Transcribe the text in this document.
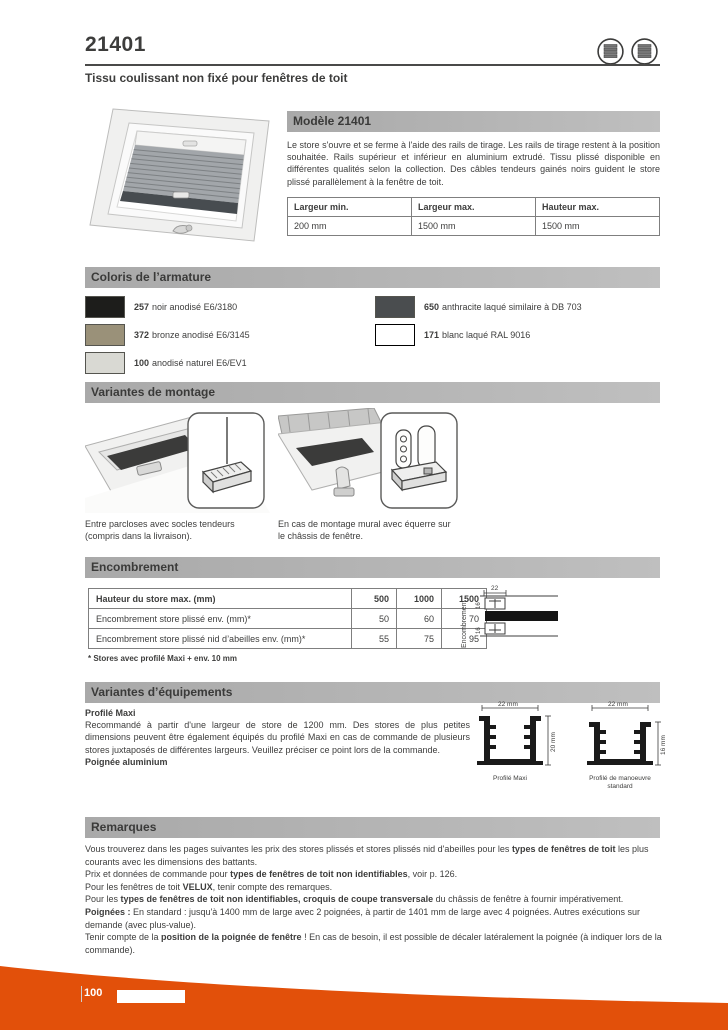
21401
Tissu coulissant non fixé pour fenêtres de toit
Modèle 21401
Le store s'ouvre et se ferme à l'aide des rails de tirage. Les rails de tirage restent à la position souhaitée. Rails supérieur et inférieur en aluminium extrudé. Tissu plissé disponible en différentes qualités selon la collection. Des câbles tendeurs gainés noirs guident le store plissé parallèlement à la fenêtre de toit.
Largeur min.	Largeur max.	Hauteur max.
200 mm	1500 mm	1500 mm
Coloris de l’armature
257 noir anodisé E6/3180
372 bronze anodisé E6/3145
100 anodisé naturel E6/EV1
650 anthracite laqué similaire à DB 703
171 blanc laqué RAL 9016
Variantes de montage
Entre parcloses avec socles tendeurs (compris dans la livraison).
En cas de montage mural avec équerre sur le châssis de fenêtre.
Encombrement
Hauteur du store max. (mm)	500	1000	1500
Encombrement store plissé env. (mm)*	50	60	70
Encombrement store plissé nid d’abeilles env. (mm)*	55	75	95
* Stores avec profilé Maxi + env. 10 mm
Encombrement
22
16
16
Variantes d’équipements
Profilé Maxi
Recommandé à partir d'une largeur de store de 1200 mm. Des stores de plus petites dimensions peuvent être également équipés du profilé Maxi en cas de commande de plusieurs stores juxtaposés de différentes largeurs. Veuillez préciser ce point lors de la commande.
Poignée aluminium
22 mm
20 mm
Profilé Maxi
22 mm
16 mm
Profilé de manoeuvre
standard
Remarques

Vous trouverez dans les pages suivantes les prix des stores plissés et stores plissés nid d'abeilles pour les types de fenêtres de toit les plus courants avec les dimensions des battants.

Prix et données de commande pour types de fenêtres de toit non identifiables, voir p. 126.

Pour les fenêtres de toit VELUX, tenir compte des remarques.

Pour les types de fenêtres de toit non identifiables, croquis de coupe transversale du châssis de fenêtre à fournir impérativement.

Poignées : En standard : jusqu'à 1400 mm de large avec 2 poignées, à partir de 1401 mm de large avec 4 poignées. Autres exécutions sur demande (avec plus-value).

Tenir compte de la position de la poignée de fenêtre ! En cas de besoin, il est possible de décaler latéralement la poignée (à indiquer lors de la commande).

100
